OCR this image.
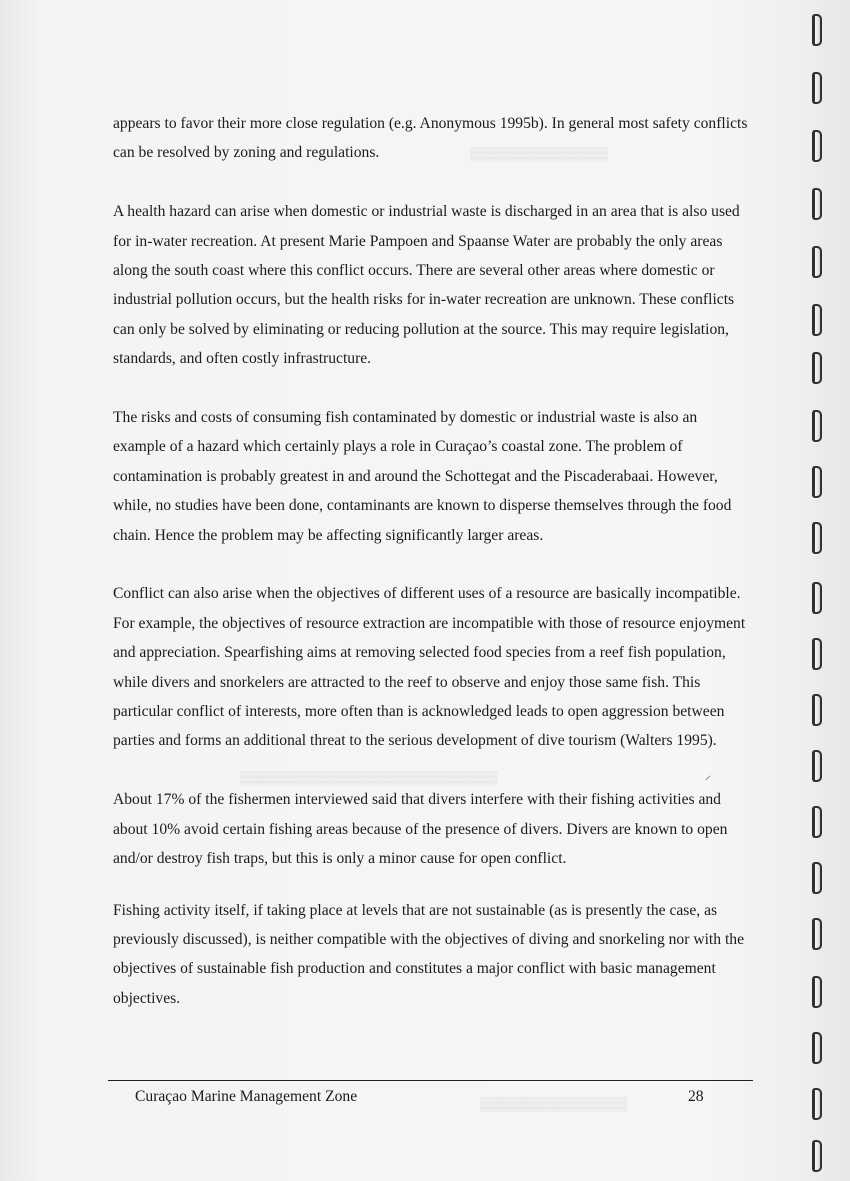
▒▒▒▒▒▒▒▒▒▒▒▒▒▒▒
▒▒▒▒▒▒▒▒▒▒▒▒▒▒▒▒▒▒▒▒▒▒▒▒▒▒▒▒
▒▒▒▒▒▒▒▒▒▒▒▒▒▒▒▒

appears to favor their more close regulation (e.g. Anonymous 1995b). In general most safety conflicts can be resolved by zoning and regulations.

A health hazard can arise when domestic or industrial waste is discharged in an area that is also used for in-water recreation. At present Marie Pampoen and Spaanse Water are probably the only areas along the south coast where this conflict occurs. There are several other areas where domestic or industrial pollution occurs, but the health risks for in-water recreation are unknown. These conflicts can only be solved by eliminating or reducing pollution at the source. This may require legislation, standards, and often costly infrastructure.

The risks and costs of consuming fish contaminated by domestic or industrial waste is also an example of a hazard which certainly plays a role in Curaçao’s coastal zone. The problem of contamination is probably greatest in and around the Schottegat and the Piscaderabaai. However, while, no studies have been done, contaminants are known to disperse themselves through the food chain. Hence the problem may be affecting significantly larger areas.

Conflict can also arise when the objectives of different uses of a resource are basically incompatible. For example, the objectives of resource extraction are incompatible with those of resource enjoyment and appreciation. Spearfishing aims at removing selected food species from a reef fish population, while divers and snorkelers are attracted to the reef to observe and enjoy those same fish. This particular conflict of interests, more often than is acknowledged leads to open aggression between parties and forms an additional threat to the serious development of dive tourism (Walters 1995).

About 17% of the fishermen interviewed said that divers interfere with their fishing activities and about 10% avoid certain fishing areas because of the presence of divers. Divers are known to open and/or destroy fish traps, but this is only a minor cause for open conflict.

Fishing activity itself, if taking place at levels that are not sustainable (as is presently the case, as previously discussed), is neither compatible with the objectives of diving and snorkeling nor with the objectives of sustainable fish production and constitutes a major conflict with basic management objectives.

⸝
Curaçao Marine Management Zone	28
